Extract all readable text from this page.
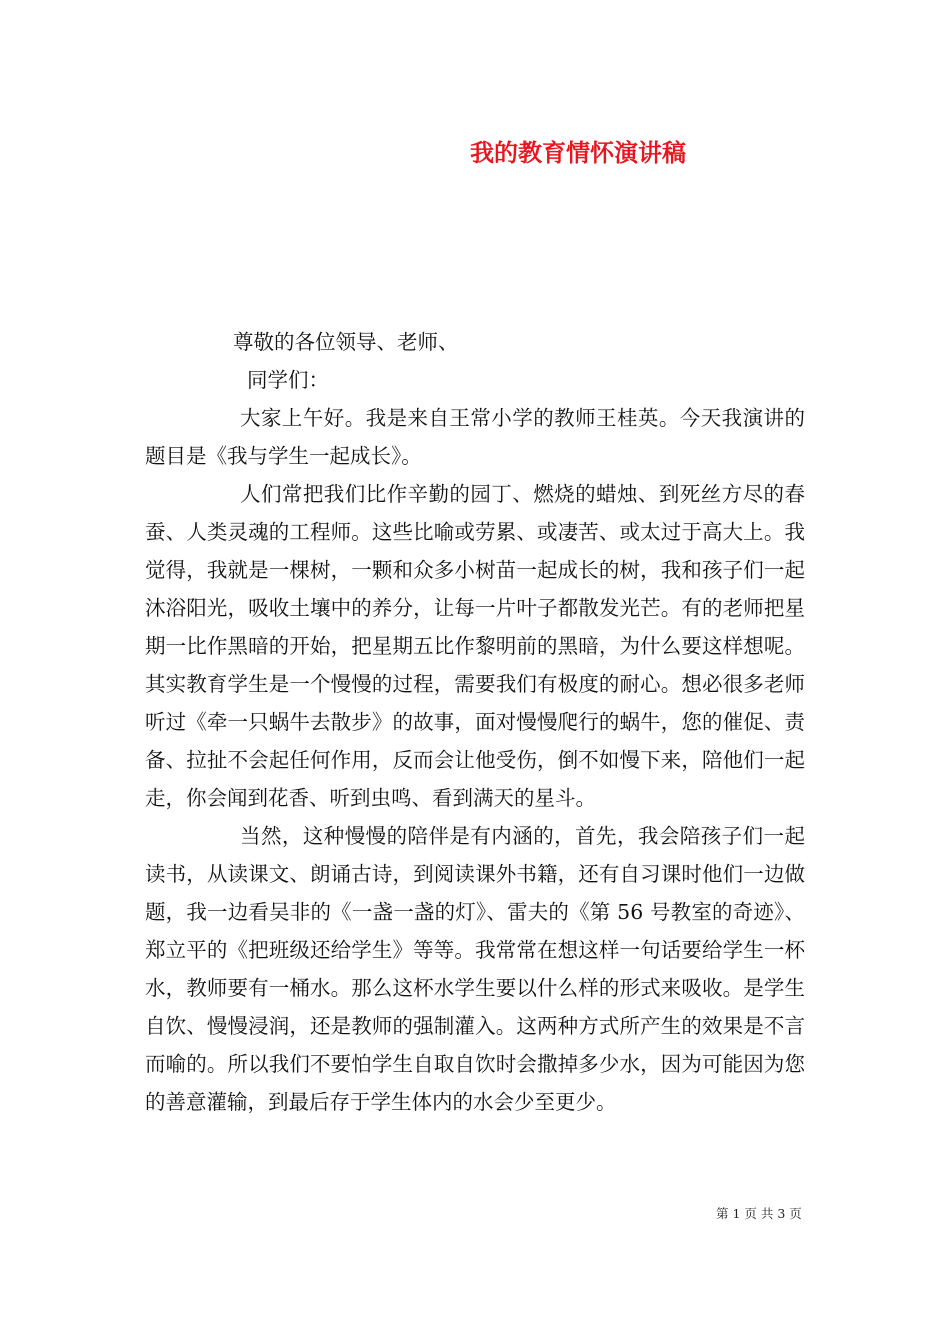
我的教育情怀演讲稿

尊敬的各位领导、老师、

同学们：

大家上午好。我是来自王常小学的教师王桂英。今天我演讲的题目是《我与学生一起成长》。

人们常把我们比作辛勤的园丁、燃烧的蜡烛、到死丝方尽的春蚕、人类灵魂的工程师。这些比喻或劳累、或凄苦、或太过于高大上。我觉得，我就是一棵树，一颗和众多小树苗一起成长的树，我和孩子们一起沐浴阳光，吸收土壤中的养分，让每一片叶子都散发光芒。有的老师把星期一比作黑暗的开始，把星期五比作黎明前的黑暗，为什么要这样想呢。其实教育学生是一个慢慢的过程，需要我们有极度的耐心。想必很多老师听过《牵一只蜗牛去散步》的故事，面对慢慢爬行的蜗牛，您的催促、责备、拉扯不会起任何作用，反而会让他受伤，倒不如慢下来，陪他们一起走，你会闻到花香、听到虫鸣、看到满天的星斗。

当然，这种慢慢的陪伴是有内涵的，首先，我会陪孩子们一起读书，从读课文、朗诵古诗，到阅读课外书籍，还有自习课时他们一边做题，我一边看吴非的《一盏一盏的灯》、雷夫的《第 56 号教室的奇迹》、郑立平的《把班级还给学生》等等。我常常在想这样一句话要给学生一杯水，教师要有一桶水。那么这杯水学生要以什么样的形式来吸收。是学生自饮、慢慢浸润，还是教师的强制灌入。这两种方式所产生的效果是不言而喻的。所以我们不要怕学生自取自饮时会撒掉多少水，因为可能因为您的善意灌输，到最后存于学生体内的水会少至更少。

第 1 页 共 3 页
